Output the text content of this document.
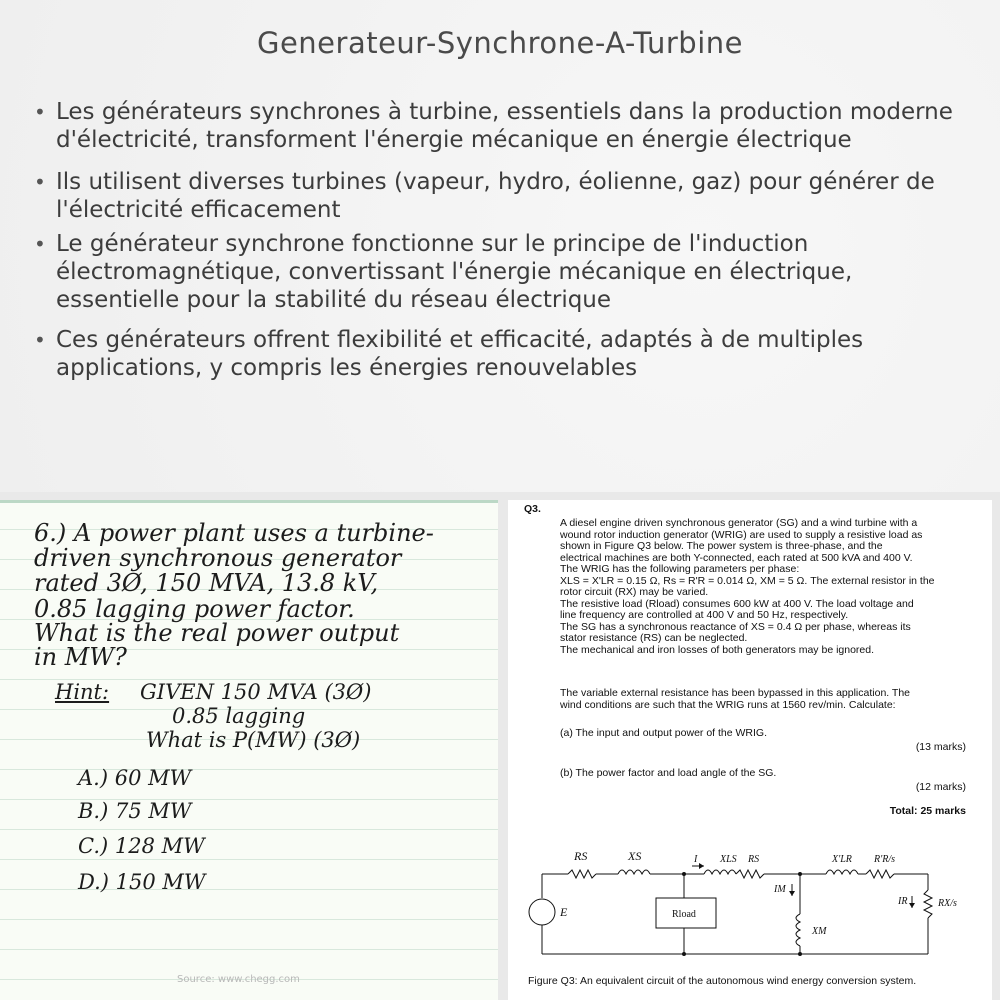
Generateur-Synchrone-A-Turbine
• Les générateurs synchrones à turbine, essentiels dans la production moderne d'électricité, transforment l'énergie mécanique en énergie électrique
• Ils utilisent diverses turbines (vapeur, hydro, éolienne, gaz) pour générer de l'électricité efficacement
• Le générateur synchrone fonctionne sur le principe de l'induction électromagnétique, convertissant l'énergie mécanique en électrique, essentielle pour la stabilité du réseau électrique
• Ces générateurs offrent flexibilité et efficacité, adaptés à de multiples applications, y compris les énergies renouvelables
6.) A power plant uses a turbine-
driven synchronous generator
rated 3Ø, 150 MVA, 13.8 kV,
0.85 lagging power factor.
What is the real power output
in MW?
Hint: GIVEN 150 MVA (3Ø)
0.85 lagging
What is P(MW) (3Ø)
A.) 60 MW
B.) 75 MW
C.) 128 MW
D.) 150 MW
Source: www.chegg.com
Q3.
A diesel engine driven synchronous generator (SG) and a wind turbine with a
wound rotor induction generator (WRIG) are used to supply a resistive load as
shown in Figure Q3 below. The power system is three-phase, and the
electrical machines are both Y-connected, each rated at 500 kVA and 400 V.
The WRIG has the following parameters per phase:
XLS = X'LR = 0.15 Ω, Rs = R'R = 0.014 Ω, XM = 5 Ω. The external resistor in the
rotor circuit (RX) may be varied.
The resistive load (Rload) consumes 600 kW at 400 V. The load voltage and
line frequency are controlled at 400 V and 50 Hz, respectively.
The SG has a synchronous reactance of XS = 0.4 Ω per phase, whereas its
stator resistance (RS) can be neglected.
The mechanical and iron losses of both generators may be ignored.
The variable external resistance has been bypassed in this application. The
wind conditions are such that the WRIG runs at 1560 rev/min. Calculate:
(a) The input and output power of the WRIG.
(13 marks)
(b) The power factor and load angle of the SG.
(12 marks)
Total: 25 marks
RS	XS	I XLS RS	X'LR R'R/s
IM
IR	RX/s
E	Rload
XM
Figure Q3: An equivalent circuit of the autonomous wind energy conversion system.
